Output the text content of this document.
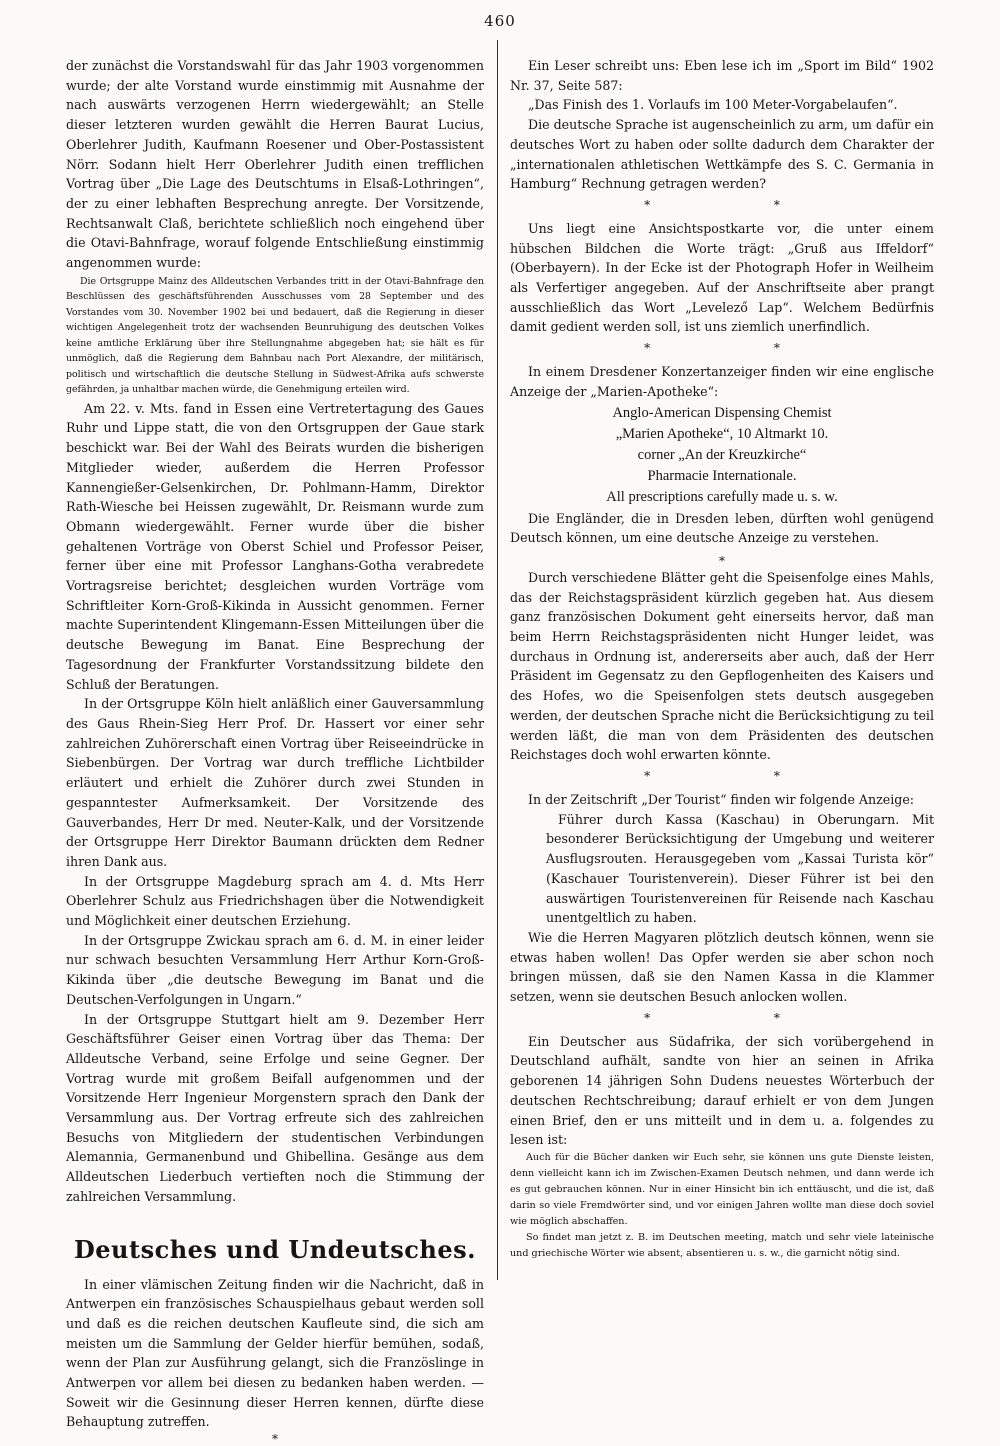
460

der zunächst die Vorstandswahl für das Jahr 1903 vorgenommen wurde; der alte Vorstand wurde einstimmig mit Ausnahme der nach auswärts verzogenen Herrn wiedergewählt; an Stelle dieser letzteren wurden gewählt die Herren Baurat Lucius, Oberlehrer Judith, Kaufmann Roesener und Ober-Postassistent Nörr. Sodann hielt Herr Oberlehrer Judith einen trefflichen Vortrag über „Die Lage des Deutschtums in Elsaß-Lothringen“, der zu einer lebhaften Besprechung anregte. Der Vorsitzende, Rechtsanwalt Claß, berichtete schließlich noch eingehend über die Otavi-Bahnfrage, worauf folgende Entschließung einstimmig angenommen wurde:

Die Ortsgruppe Mainz des Alldeutschen Verbandes tritt in der Otavi-Bahnfrage den Beschlüssen des geschäftsführenden Ausschusses vom 28 September und des Vorstandes vom 30. November 1902 bei und bedauert, daß die Regierung in dieser wichtigen Angelegenheit trotz der wachsenden Beunruhigung des deutschen Volkes keine amtliche Erklärung über ihre Stellungnahme abgegeben hat; sie hält es für unmöglich, daß die Regierung dem Bahnbau nach Port Alexandre, der militärisch, politisch und wirtschaftlich die deutsche Stellung in Südwest-Afrika aufs schwerste gefährden, ja unhaltbar machen würde, die Genehmigung erteilen wird.

Am 22. v. Mts. fand in Essen eine Vertretertagung des Gaues Ruhr und Lippe statt, die von den Ortsgruppen der Gaue stark beschickt war. Bei der Wahl des Beirats wurden die bisherigen Mitglieder wieder, außerdem die Herren Professor Kannengießer-Gelsenkirchen, Dr. Pohlmann-Hamm, Direktor Rath-Wiesche bei Heissen zugewählt, Dr. Reismann wurde zum Obmann wiedergewählt. Ferner wurde über die bisher gehaltenen Vorträge von Oberst Schiel und Professor Peiser, ferner über eine mit Professor Langhans-Gotha verabredete Vortragsreise berichtet; desgleichen wurden Vorträge vom Schriftleiter Korn-Groß-Kikinda in Aussicht genommen. Ferner machte Superintendent Klingemann-Essen Mitteilungen über die deutsche Bewegung im Banat. Eine Besprechung der Tagesordnung der Frankfurter Vorstandssitzung bildete den Schluß der Beratungen.

In der Ortsgruppe Köln hielt anläßlich einer Gauversammlung des Gaus Rhein-Sieg Herr Prof. Dr. Hassert vor einer sehr zahlreichen Zuhörerschaft einen Vortrag über Reiseeindrücke in Siebenbürgen. Der Vortrag war durch treffliche Lichtbilder erläutert und erhielt die Zuhörer durch zwei Stunden in gespanntester Aufmerksamkeit. Der Vorsitzende des Gauverbandes, Herr Dr med. Neuter-Kalk, und der Vorsitzende der Ortsgruppe Herr Direktor Baumann drückten dem Redner ihren Dank aus.

In der Ortsgruppe Magdeburg sprach am 4. d. Mts Herr Oberlehrer Schulz aus Friedrichshagen über die Notwendigkeit und Möglichkeit einer deutschen Erziehung.

In der Ortsgruppe Zwickau sprach am 6. d. M. in einer leider nur schwach besuchten Versammlung Herr Arthur Korn-Groß-Kikinda über „die deutsche Bewegung im Banat und die Deutschen-Verfolgungen in Ungarn.“

In der Ortsgruppe Stuttgart hielt am 9. Dezember Herr Geschäftsführer Geiser einen Vortrag über das Thema: Der Alldeutsche Verband, seine Erfolge und seine Gegner. Der Vortrag wurde mit großem Beifall aufgenommen und der Vorsitzende Herr Ingenieur Morgenstern sprach den Dank der Versammlung aus. Der Vortrag erfreute sich des zahlreichen Besuchs von Mitgliedern der studentischen Verbindungen Alemannia, Germanenbund und Ghibellina. Gesänge aus dem Alldeutschen Liederbuch vertieften noch die Stimmung der zahlreichen Versammlung.

Deutsches und Undeutsches.

In einer vlämischen Zeitung finden wir die Nachricht, daß in Antwerpen ein französisches Schauspielhaus gebaut werden soll und daß es die reichen deutschen Kaufleute sind, die sich am meisten um die Sammlung der Gelder hierfür bemühen, sodaß, wenn der Plan zur Ausführung gelangt, sich die Französlinge in Antwerpen vor allem bei diesen zu bedanken haben werden. — Soweit wir die Gesinnung dieser Herren kennen, dürfte diese Behauptung zutreffen.

*

Ein Leser schreibt uns: Eben lese ich im „Sport im Bild“ 1902 Nr. 37, Seite 587:

„Das Finish des 1. Vorlaufs im 100 Meter-Vorgabelaufen“.

Die deutsche Sprache ist augenscheinlich zu arm, um dafür ein deutsches Wort zu haben oder sollte dadurch dem Charakter der „internationalen athletischen Wettkämpfe des S. C. Germania in Hamburg“ Rechnung getragen werden?

* *

Uns liegt eine Ansichtspostkarte vor, die unter einem hübschen Bildchen die Worte trägt: „Gruß aus Iffeldorf“ (Oberbayern). In der Ecke ist der Photograph Hofer in Weilheim als Verfertiger angegeben. Auf der Anschriftseite aber prangt ausschließlich das Wort „Levelező Lap“. Welchem Bedürfnis damit gedient werden soll, ist uns ziemlich unerfindlich.

* *

In einem Dresdener Konzertanzeiger finden wir eine englische Anzeige der „Marien-Apotheke“:

Anglo-American Dispensing Chemist

„Marien Apotheke“, 10 Altmarkt 10.

corner „An der Kreuzkirche“

Pharmacie Internationale.

All prescriptions carefully made u. s. w.

Die Engländer, die in Dresden leben, dürften wohl genügend Deutsch können, um eine deutsche Anzeige zu verstehen.

*

Durch verschiedene Blätter geht die Speisenfolge eines Mahls, das der Reichstagspräsident kürzlich gegeben hat. Aus diesem ganz französischen Dokument geht einerseits hervor, daß man beim Herrn Reichstagspräsidenten nicht Hunger leidet, was durchaus in Ordnung ist, andererseits aber auch, daß der Herr Präsident im Gegensatz zu den Gepflogenheiten des Kaisers und des Hofes, wo die Speisenfolgen stets deutsch ausgegeben werden, der deutschen Sprache nicht die Berücksichtigung zu teil werden läßt, die man von dem Präsidenten des deutschen Reichstages doch wohl erwarten könnte.

* *

In der Zeitschrift „Der Tourist“ finden wir folgende Anzeige:

Führer durch Kassa (Kaschau) in Oberungarn. Mit besonderer Berücksichtigung der Umgebung und weiterer Ausflugsrouten. Herausgegeben vom „Kassai Turista kör“ (Kaschauer Touristenverein). Dieser Führer ist bei den auswärtigen Touristenvereinen für Reisende nach Kaschau unentgeltlich zu haben.

Wie die Herren Magyaren plötzlich deutsch können, wenn sie etwas haben wollen! Das Opfer werden sie aber schon noch bringen müssen, daß sie den Namen Kassa in die Klammer setzen, wenn sie deutschen Besuch anlocken wollen.

* *

Ein Deutscher aus Südafrika, der sich vorübergehend in Deutschland aufhält, sandte von hier an seinen in Afrika geborenen 14 jährigen Sohn Dudens neuestes Wörterbuch der deutschen Rechtschreibung; darauf erhielt er von dem Jungen einen Brief, den er uns mitteilt und in dem u. a. folgendes zu lesen ist:

Auch für die Bücher danken wir Euch sehr, sie können uns gute Dienste leisten, denn vielleicht kann ich im Zwischen-Examen Deutsch nehmen, und dann werde ich es gut gebrauchen können. Nur in einer Hinsicht bin ich enttäuscht, und die ist, daß darin so viele Fremdwörter sind, und vor einigen Jahren wollte man diese doch soviel wie möglich abschaffen.

So findet man jetzt z. B. im Deutschen meeting, match und sehr viele lateinische und griechische Wörter wie absent, absentieren u. s. w., die garnicht nötig sind.
